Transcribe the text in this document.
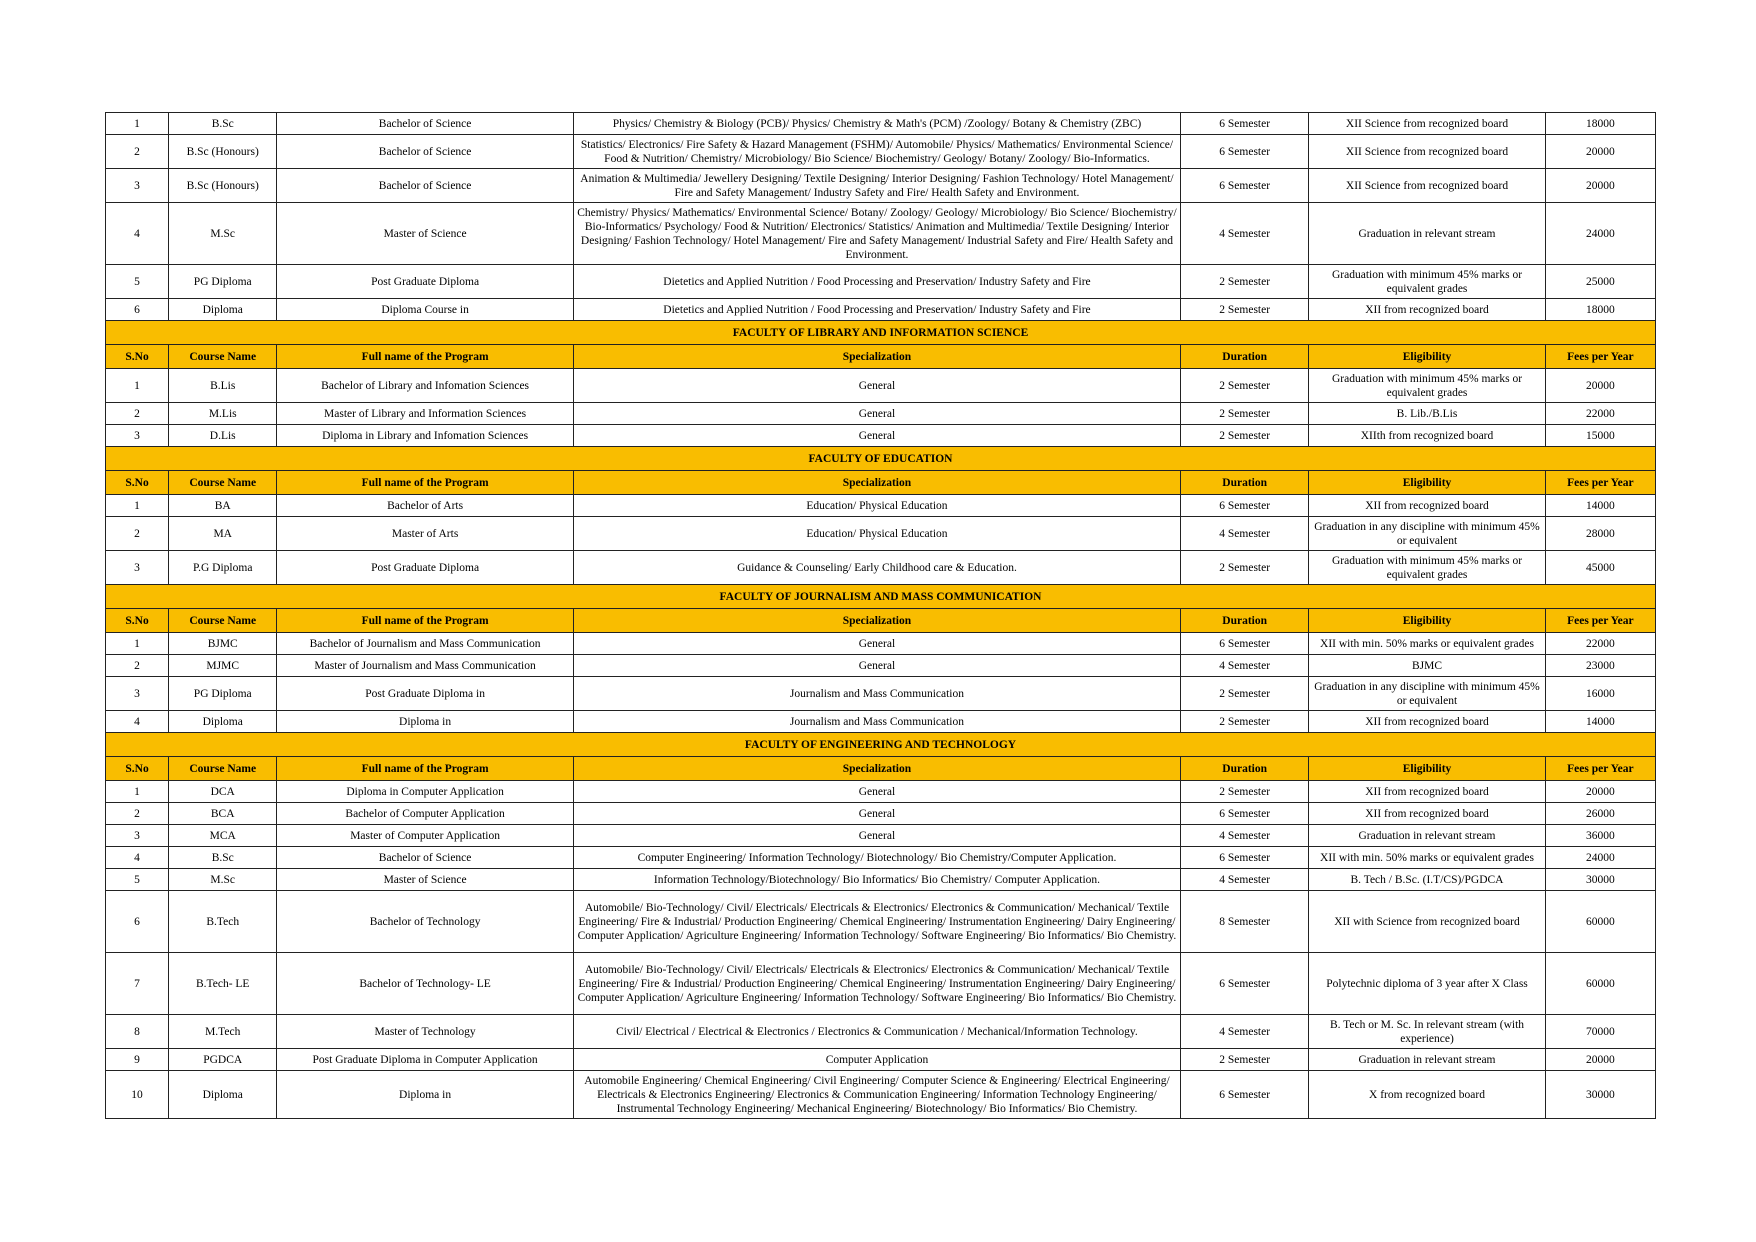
1	B.Sc	Bachelor of Science	Physics/ Chemistry & Biology (PCB)/ Physics/ Chemistry & Math's (PCM) /Zoology/ Botany & Chemistry (ZBC)	6 Semester	XII Science from recognized board	18000
2	B.Sc (Honours)	Bachelor of Science	Statistics/ Electronics/ Fire Safety & Hazard Management (FSHM)/ Automobile/ Physics/ Mathematics/ Environmental Science/ Food & Nutrition/ Chemistry/ Microbiology/ Bio Science/ Biochemistry/ Geology/ Botany/ Zoology/ Bio-Informatics.	6 Semester	XII Science from recognized board	20000
3	B.Sc (Honours)	Bachelor of Science	Animation & Multimedia/ Jewellery Designing/ Textile Designing/ Interior Designing/ Fashion Technology/ Hotel Management/ Fire and Safety Management/ Industry Safety and Fire/ Health Safety and Environment.	6 Semester	XII Science from recognized board	20000
4	M.Sc	Master of Science	Chemistry/ Physics/ Mathematics/ Environmental Science/ Botany/ Zoology/ Geology/ Microbiology/ Bio Science/ Biochemistry/ Bio-Informatics/ Psychology/ Food & Nutrition/ Electronics/ Statistics/ Animation and Multimedia/ Textile Designing/ Interior Designing/ Fashion Technology/ Hotel Management/ Fire and Safety Management/ Industrial Safety and Fire/ Health Safety and Environment.	4 Semester	Graduation in relevant stream	24000
5	PG Diploma	Post Graduate Diploma	Dietetics and Applied Nutrition / Food Processing and Preservation/ Industry Safety and Fire	2 Semester	Graduation with minimum 45% marks or equivalent grades	25000
6	Diploma	Diploma Course in	Dietetics and Applied Nutrition / Food Processing and Preservation/ Industry Safety and Fire	2 Semester	XII from recognized board	18000
FACULTY OF LIBRARY AND INFORMATION SCIENCE						
S.No	Course Name	Full name of the Program	Specialization	Duration	Eligibility	Fees per Year
1	B.Lis	Bachelor of Library and Infomation Sciences	General	2 Semester	Graduation with minimum 45% marks or equivalent grades	20000
2	M.Lis	Master of Library and Information Sciences	General	2 Semester	B. Lib./B.Lis	22000
3	D.Lis	Diploma in Library and Infomation Sciences	General	2 Semester	XIIth from recognized board	15000
FACULTY OF EDUCATION						
S.No	Course Name	Full name of the Program	Specialization	Duration	Eligibility	Fees per Year
1	BA	Bachelor of Arts	Education/ Physical Education	6 Semester	XII from recognized board	14000
2	MA	Master of Arts	Education/ Physical Education	4 Semester	Graduation in any discipline with minimum 45% or equivalent	28000
3	P.G Diploma	Post Graduate Diploma	Guidance & Counseling/ Early Childhood care & Education.	2 Semester	Graduation with minimum 45% marks or equivalent grades	45000
FACULTY OF JOURNALISM AND MASS COMMUNICATION						
S.No	Course Name	Full name of the Program	Specialization	Duration	Eligibility	Fees per Year
1	BJMC	Bachelor of Journalism and Mass Communication	General	6 Semester	XII with min. 50% marks or equivalent grades	22000
2	MJMC	Master of Journalism and Mass Communication	General	4 Semester	BJMC	23000
3	PG Diploma	Post Graduate Diploma in	Journalism and Mass Communication	2 Semester	Graduation in any discipline with minimum 45% or equivalent	16000
4	Diploma	Diploma in	Journalism and Mass Communication	2 Semester	XII from recognized board	14000
FACULTY OF ENGINEERING AND TECHNOLOGY						
S.No	Course Name	Full name of the Program	Specialization	Duration	Eligibility	Fees per Year
1	DCA	Diploma in Computer Application	General	2 Semester	XII from recognized board	20000
2	BCA	Bachelor of Computer Application	General	6 Semester	XII from recognized board	26000
3	MCA	Master of Computer Application	General	4 Semester	Graduation in relevant stream	36000
4	B.Sc	Bachelor of Science	Computer Engineering/ Information Technology/ Biotechnology/ Bio Chemistry/Computer Application.	6 Semester	XII with min. 50% marks or equivalent grades	24000
5	M.Sc	Master of Science	Information Technology/Biotechnology/ Bio Informatics/ Bio Chemistry/ Computer Application.	4 Semester	B. Tech / B.Sc. (I.T/CS)/PGDCA	30000
6	B.Tech	Bachelor of Technology	Automobile/ Bio-Technology/ Civil/ Electricals/ Electricals & Electronics/ Electronics & Communication/ Mechanical/ Textile Engineering/ Fire & Industrial/ Production Engineering/ Chemical Engineering/ Instrumentation Engineering/ Dairy Engineering/ Computer Application/ Agriculture Engineering/ Information Technology/ Software Engineering/ Bio Informatics/ Bio Chemistry.	8 Semester	XII with Science from recognized board	60000
7	B.Tech- LE	Bachelor of Technology- LE	Automobile/ Bio-Technology/ Civil/ Electricals/ Electricals & Electronics/ Electronics & Communication/ Mechanical/ Textile Engineering/ Fire & Industrial/ Production Engineering/ Chemical Engineering/ Instrumentation Engineering/ Dairy Engineering/ Computer Application/ Agriculture Engineering/ Information Technology/ Software Engineering/ Bio Informatics/ Bio Chemistry.	6 Semester	Polytechnic diploma of 3 year after X Class	60000
8	M.Tech	Master of Technology	Civil/ Electrical / Electrical & Electronics / Electronics & Communication / Mechanical/Information Technology.	4 Semester	B. Tech or M. Sc. In relevant stream (with experience)	70000
9	PGDCA	Post Graduate Diploma in Computer Application	Computer Application	2 Semester	Graduation in relevant stream	20000
10	Diploma	Diploma in	Automobile Engineering/ Chemical Engineering/ Civil Engineering/ Computer Science & Engineering/ Electrical Engineering/ Electricals & Electronics Engineering/ Electronics & Communication Engineering/ Information Technology Engineering/ Instrumental Technology Engineering/ Mechanical Engineering/ Biotechnology/ Bio Informatics/ Bio Chemistry.	6 Semester	X from recognized board	30000
